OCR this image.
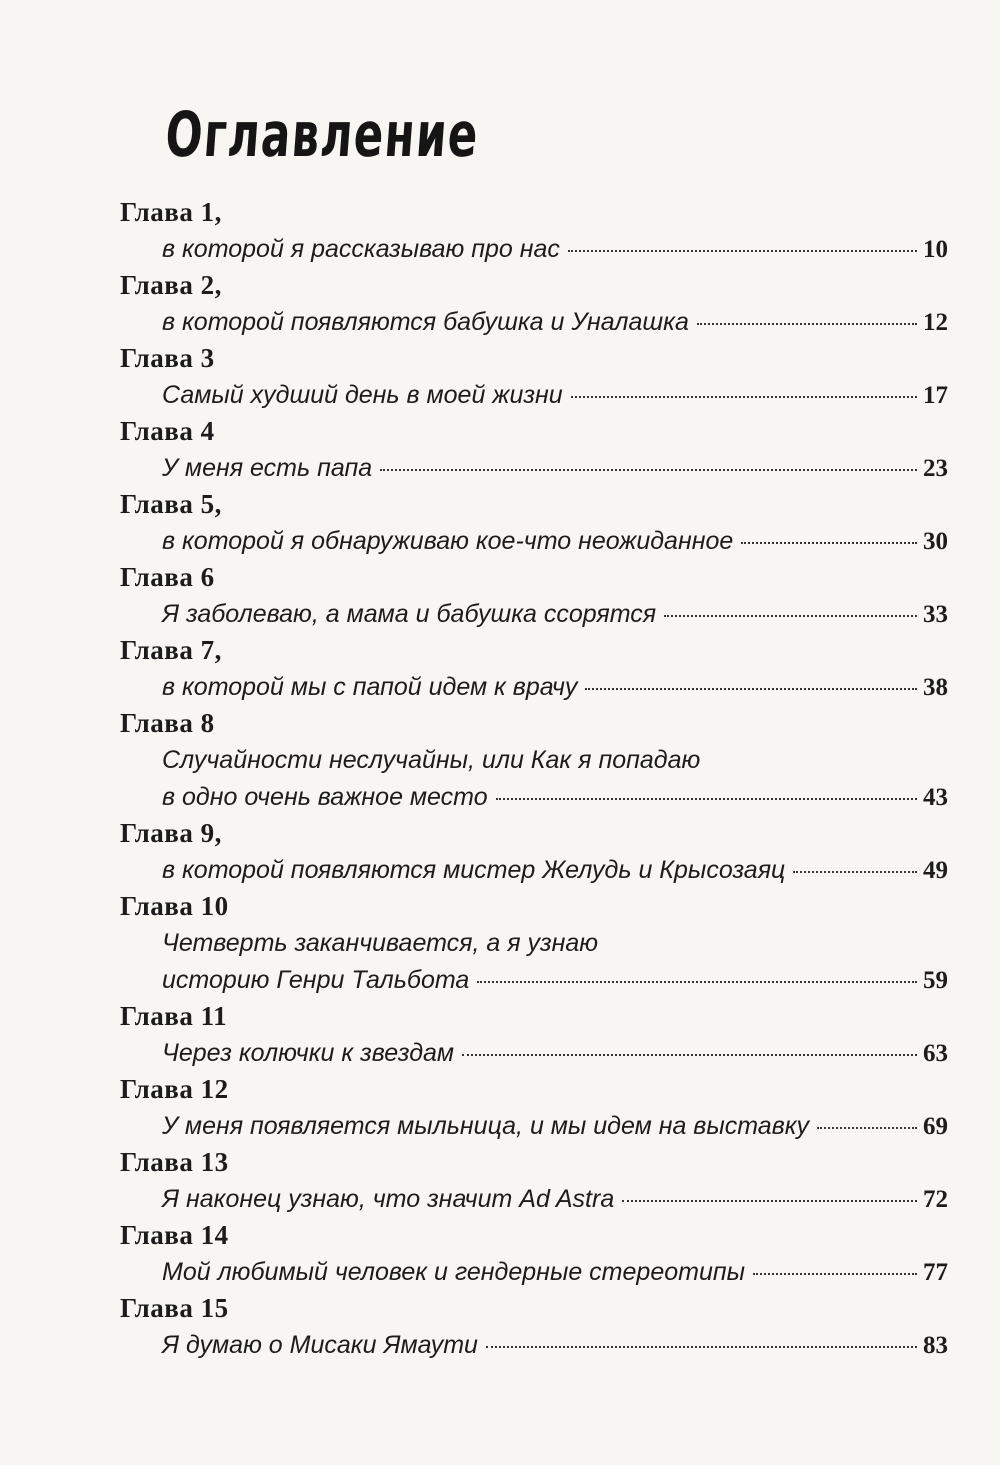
Оглавление
Глава 1,
в которой я рассказываю про нас	10
Глава 2,
в которой появляются бабушка и Уналашка	12
Глава 3
Самый худший день в моей жизни	17
Глава 4
У меня есть папа	23
Глава 5,
в которой я обнаруживаю кое-что неожиданное	30
Глава 6
Я заболеваю, а мама и бабушка ссорятся	33
Глава 7,
в которой мы с папой идем к врачу	38
Глава 8
Случайности неслучайны, или Как я попадаю
в одно очень важное место	43
Глава 9,
в которой появляются мистер Желудь и Крысозаяц	49
Глава 10
Четверть заканчивается, а я узнаю
историю Генри Тальбота	59
Глава 11
Через колючки к звездам	63
Глава 12
У меня появляется мыльница, и мы идем на выставку	69
Глава 13
Я наконец узнаю, что значит Ad Astra	72
Глава 14
Мой любимый человек и гендерные стереотипы	77
Глава 15
Я думаю о Мисаки Ямаути	83
